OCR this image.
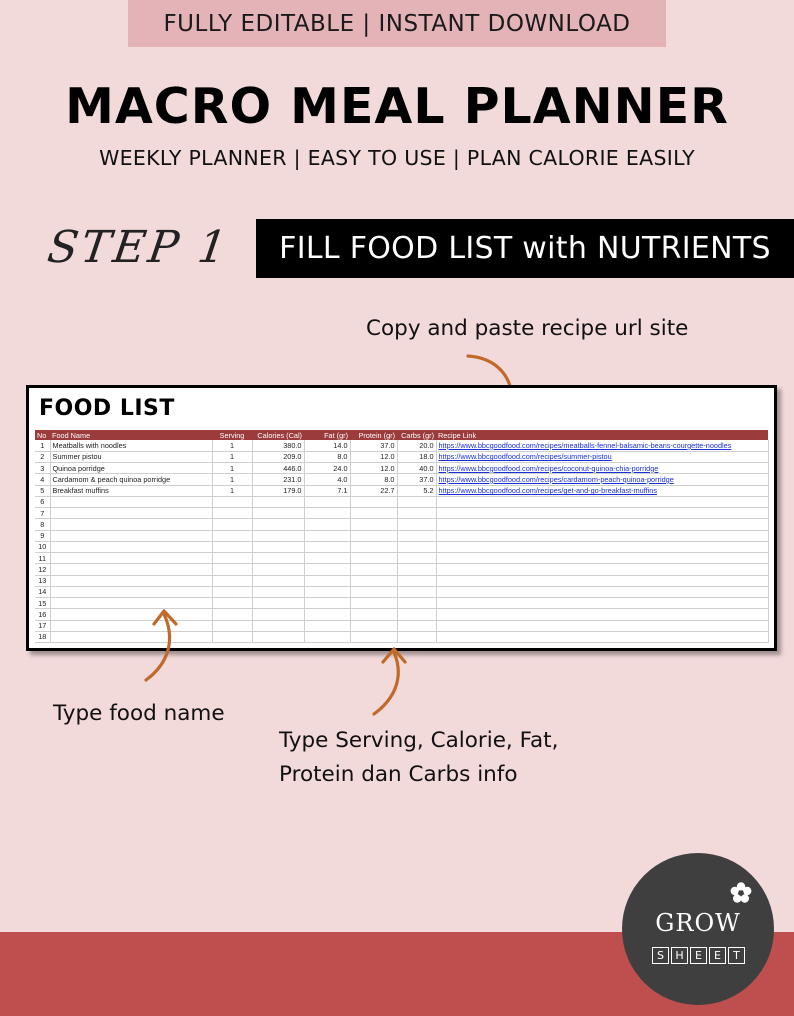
FULLY EDITABLE | INSTANT DOWNLOAD
MACRO MEAL PLANNER
WEEKLY PLANNER | EASY TO USE | PLAN CALORIE EASILY
STEP 1	FILL FOOD LIST with NUTRIENTS
Copy and paste recipe url site
FOOD LIST
No	Food Name	Serving	Calories (Cal)	Fat (gr)	Protein (gr)	Carbs (gr)	Recipe Link
1	Meatballs with noodles	1	380.0	14.0	37.0	20.0	https://www.bbcgoodfood.com/recipes/meatballs-fennel-balsamic-beans-courgette-noodles
2	Summer pistou	1	209.0	8.0	12.0	18.0	https://www.bbcgoodfood.com/recipes/summer-pistou
3	Quinoa porridge	1	446.0	24.0	12.0	40.0	https://www.bbcgoodfood.com/recipes/coconut-quinoa-chia-porridge
4	Cardamom & peach quinoa porridge	1	231.0	4.0	8.0	37.0	https://www.bbcgoodfood.com/recipes/cardamom-peach-quinoa-porridge
5	Breakfast muffins	1	179.0	7.1	22.7	5.2	https://www.bbcgoodfood.com/recipes/get-and-go-breakfast-muffins
6							
7							
8							
9							
10							
11							
12							
13							
14							
15							
16							
17							
18							
Type food name
Type Serving, Calorie, Fat,
Protein dan Carbs info
GROW
S	H	E	E	T
